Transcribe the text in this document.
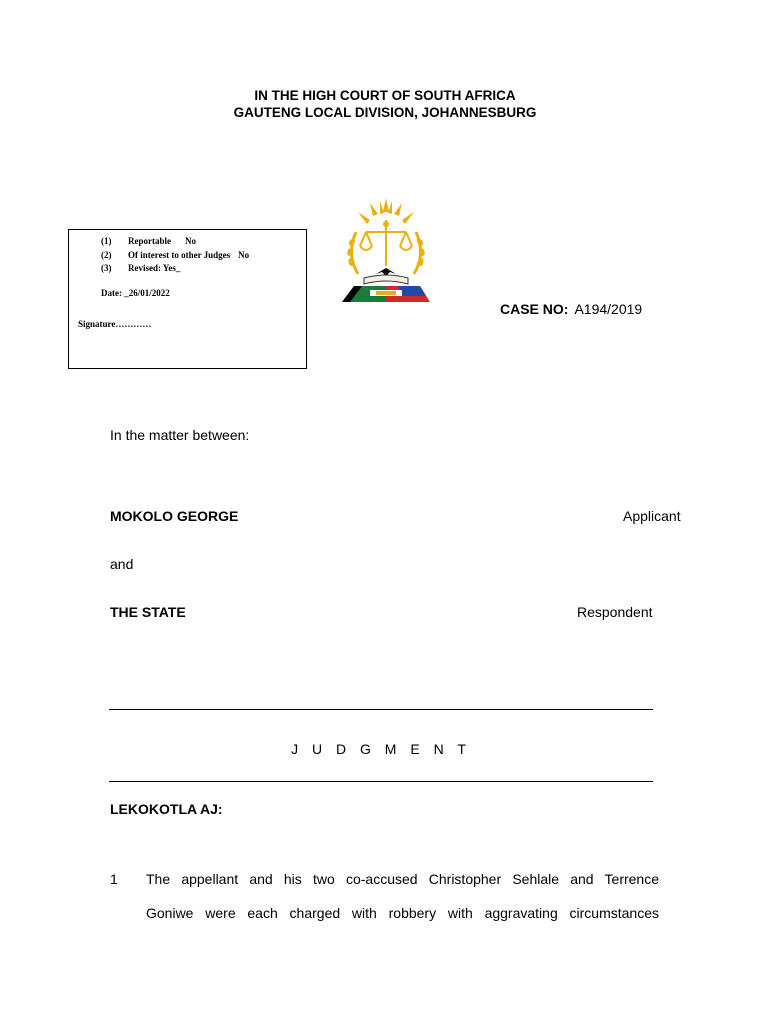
IN THE HIGH COURT OF SOUTH AFRICA
GAUTENG LOCAL DIVISION, JOHANNESBURG
(1) Reportable No
(2) Of interest to other Judges No
(3) Revised: Yes_
Date: _26/01/2022
Signature…………
CASE NO: A194/2019
In the matter between:
MOKOLO GEORGE	Applicant
and
THE STATE	Respondent
J U D G M E N T
LEKOKOTLA AJ:
1 The appellant and his two co-accused Christopher Sehlale and Terrence
Goniwe were each charged with robbery with aggravating circumstances
